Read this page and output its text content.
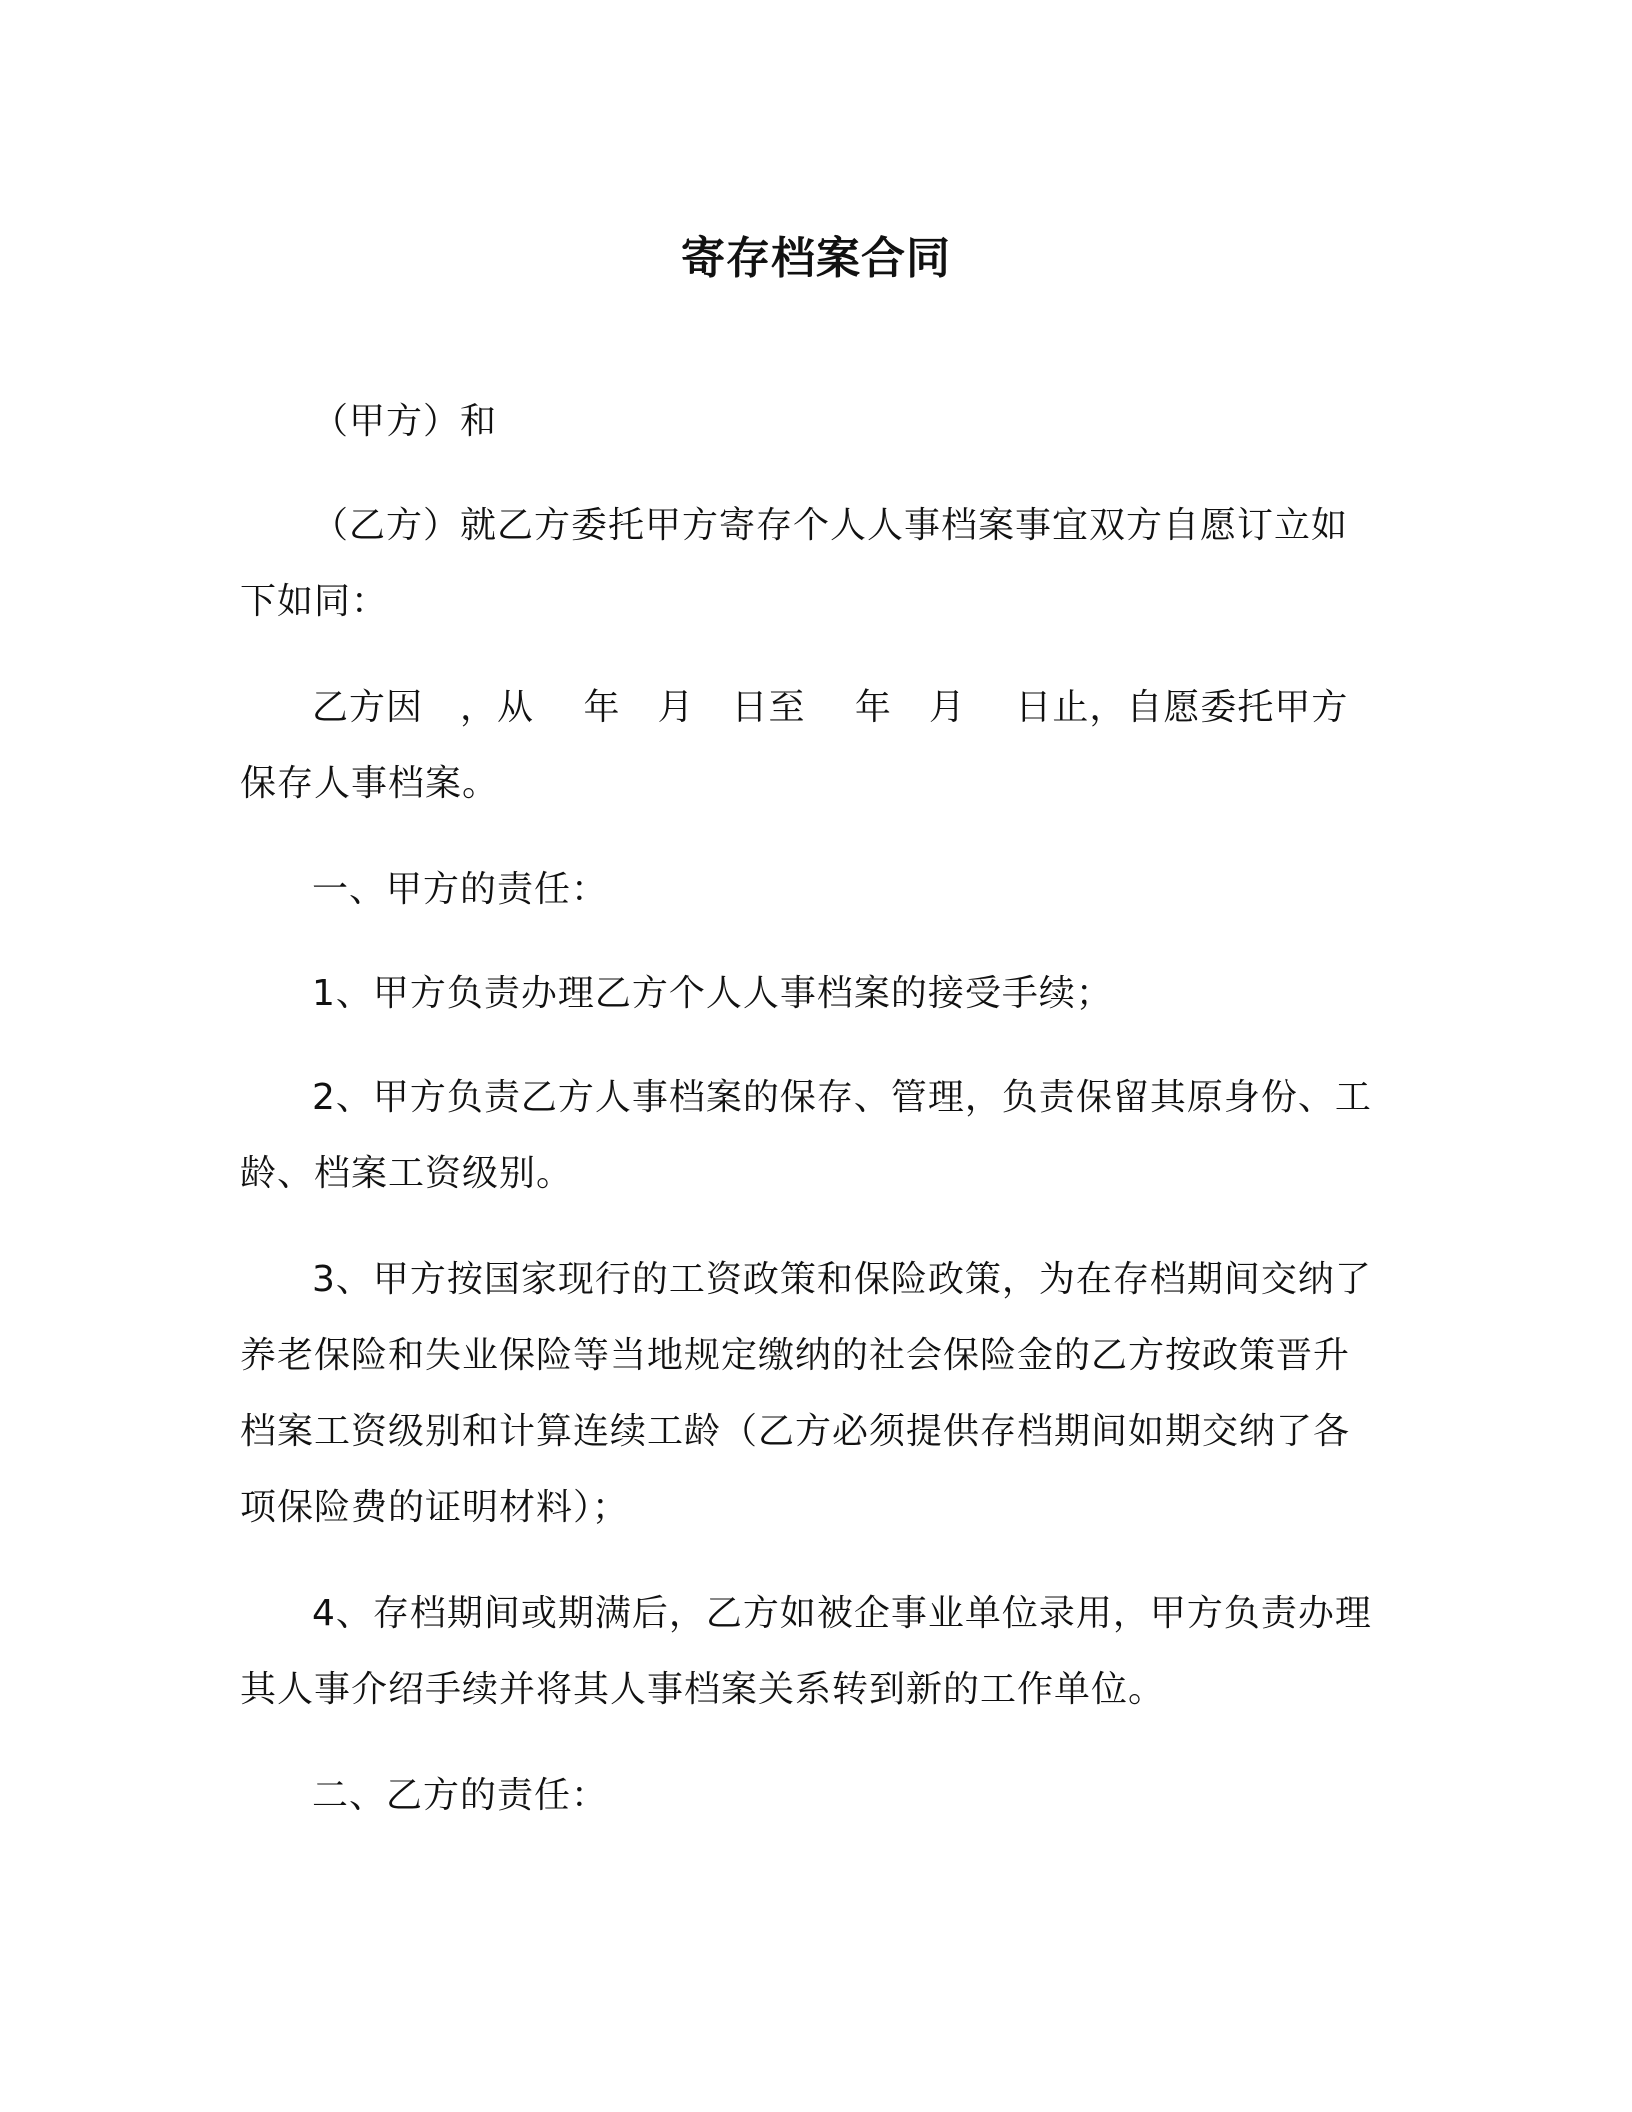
寄存档案合同

（甲方）和

（乙方）就乙方委托甲方寄存个人人事档案事宜双方自愿订立如下如同：

乙方因　，从　 年　月　日至　 年　月　 日止，自愿委托甲方保存人事档案。

一、甲方的责任：

1、甲方负责办理乙方个人人事档案的接受手续；

2、甲方负责乙方人事档案的保存、管理，负责保留其原身份、工龄、档案工资级别。

3、甲方按国家现行的工资政策和保险政策，为在存档期间交纳了养老保险和失业保险等当地规定缴纳的社会保险金的乙方按政策晋升档案工资级别和计算连续工龄（乙方必须提供存档期间如期交纳了各项保险费的证明材料）；

4、存档期间或期满后，乙方如被企事业单位录用，甲方负责办理其人事介绍手续并将其人事档案关系转到新的工作单位。

二、乙方的责任：
